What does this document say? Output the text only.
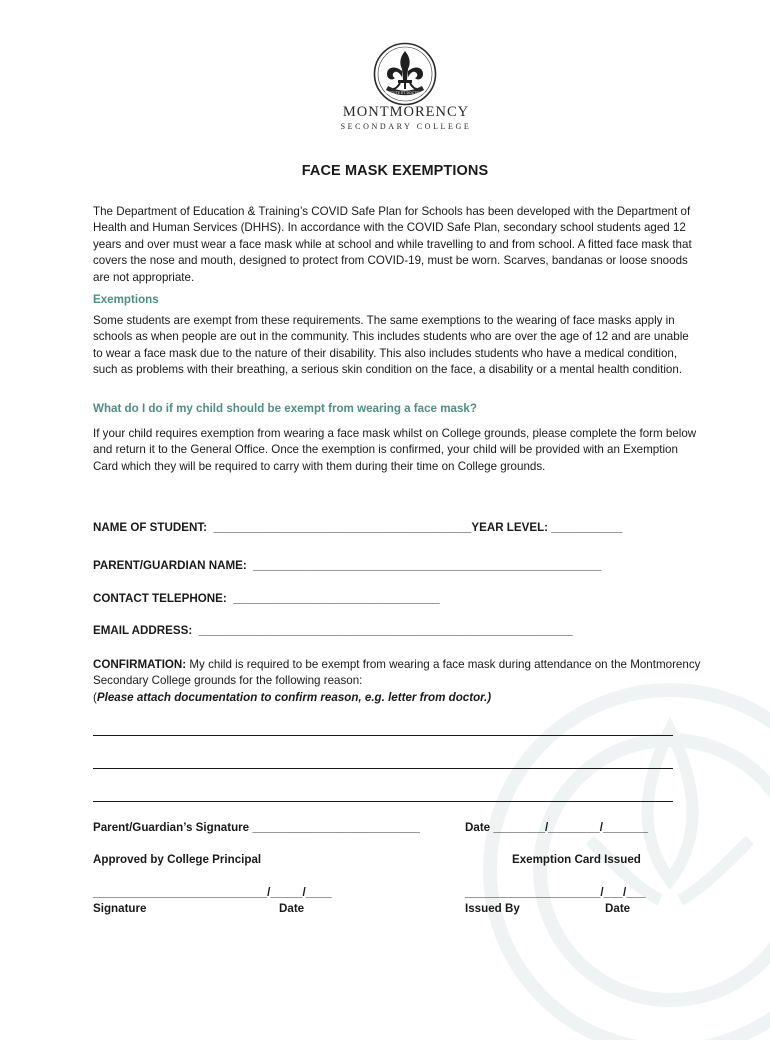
VIRTUTE ET DOCTRINA
MONTMORENCY
SECONDARY COLLEGE
FACE MASK EXEMPTIONS

The Department of Education & Training’s COVID Safe Plan for Schools has been developed with the Department of Health and Human Services (DHHS). In accordance with the COVID Safe Plan, secondary school students aged 12 years and over must wear a face mask while at school and while travelling to and from school. A fitted face mask that covers the nose and mouth, designed to protect from COVID-19, must be worn. Scarves, bandanas or loose snoods are not appropriate.

Exemptions

Some students are exempt from these requirements. The same exemptions to the wearing of face masks apply in schools as when people are out in the community. This includes students who are over the age of 12 and are unable to wear a face mask due to the nature of their disability. This also includes students who have a medical condition, such as problems with their breathing, a serious skin condition on the face, a disability or a mental health condition.

What do I do if my child should be exempt from wearing a face mask?

If your child requires exemption from wearing a face mask whilst on College grounds, please complete the form below and return it to the General Office. Once the exemption is confirmed, your child will be provided with an Exemption Card which they will be required to carry with them during their time on College grounds.

NAME OF STUDENT:  ________________________________________YEAR LEVEL: ___________
PARENT/GUARDIAN NAME:  ______________________________________________________
CONTACT TELEPHONE:  ________________________________
EMAIL ADDRESS:  __________________________________________________________
CONFIRMATION: My child is required to be exempt from wearing a face mask during attendance on the Montmorency Secondary College grounds for the following reason:
(Please attach documentation to confirm reason, e.g. letter from doctor.)
Parent/Guardian’s Signature __________________________	Date ________/________/_______
Approved by College Principal	Exemption Card Issued
___________________________/_____/____	_____________________/___/___
Signature	Date	Issued By	Date
